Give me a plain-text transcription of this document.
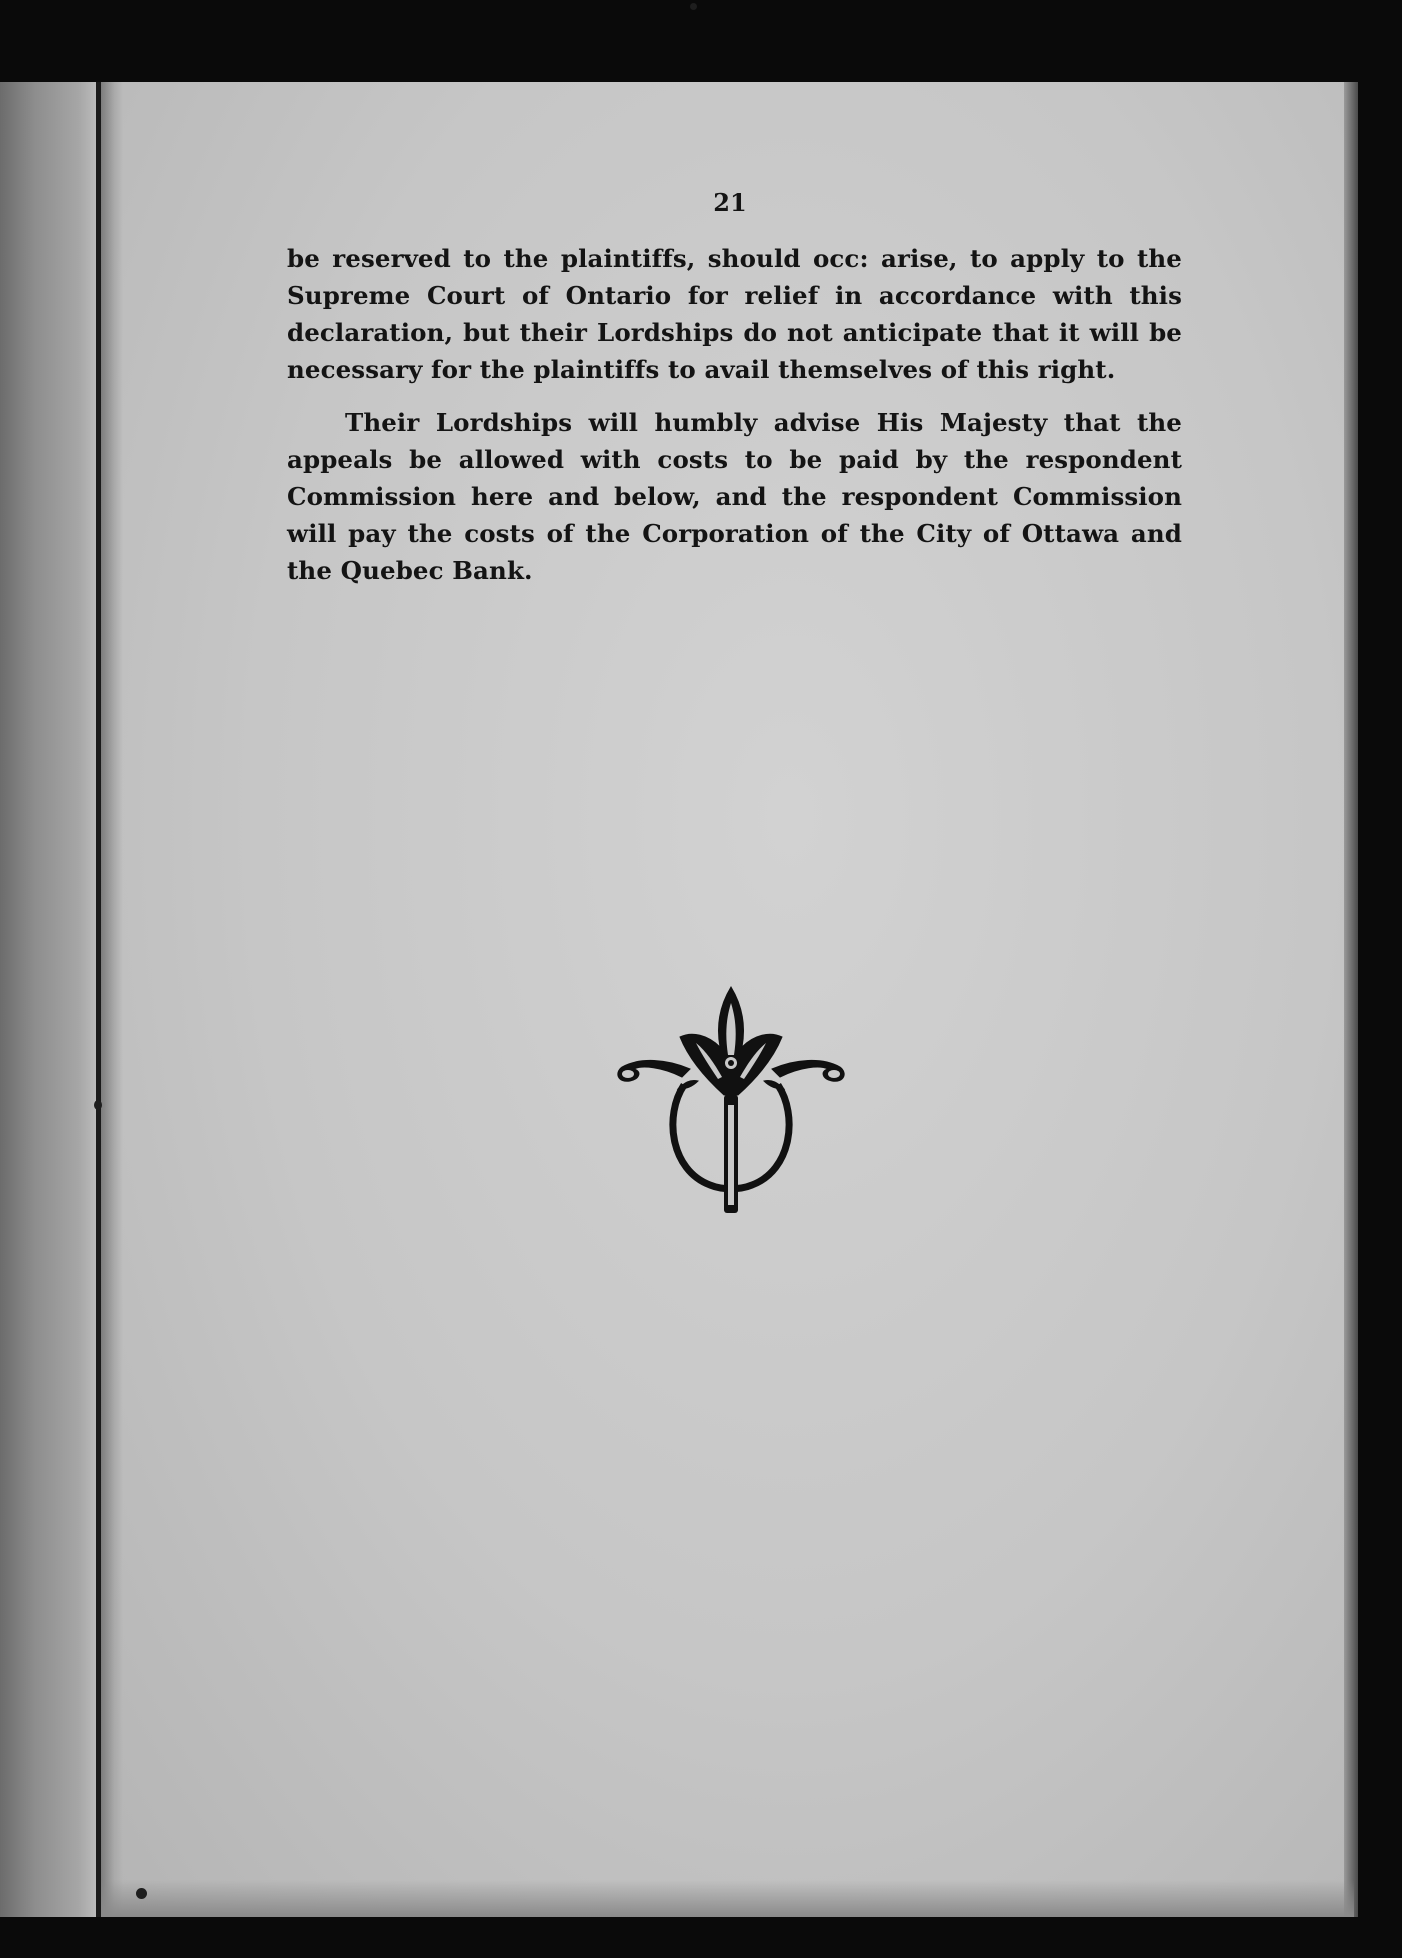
21

be reserved to the plaintiffs, should occ: arise, to apply to the Supreme Court of Ontario for relief in accordance with this declaration, but their Lordships do not anticipate that it will be necessary for the plaintiffs to avail themselves of this right.

Their Lordships will humbly advise His Majesty that the appeals be allowed with costs to be paid by the respondent Commission here and below, and the respondent Commission will pay the costs of the Corporation of the City of Ottawa and the Quebec Bank.
